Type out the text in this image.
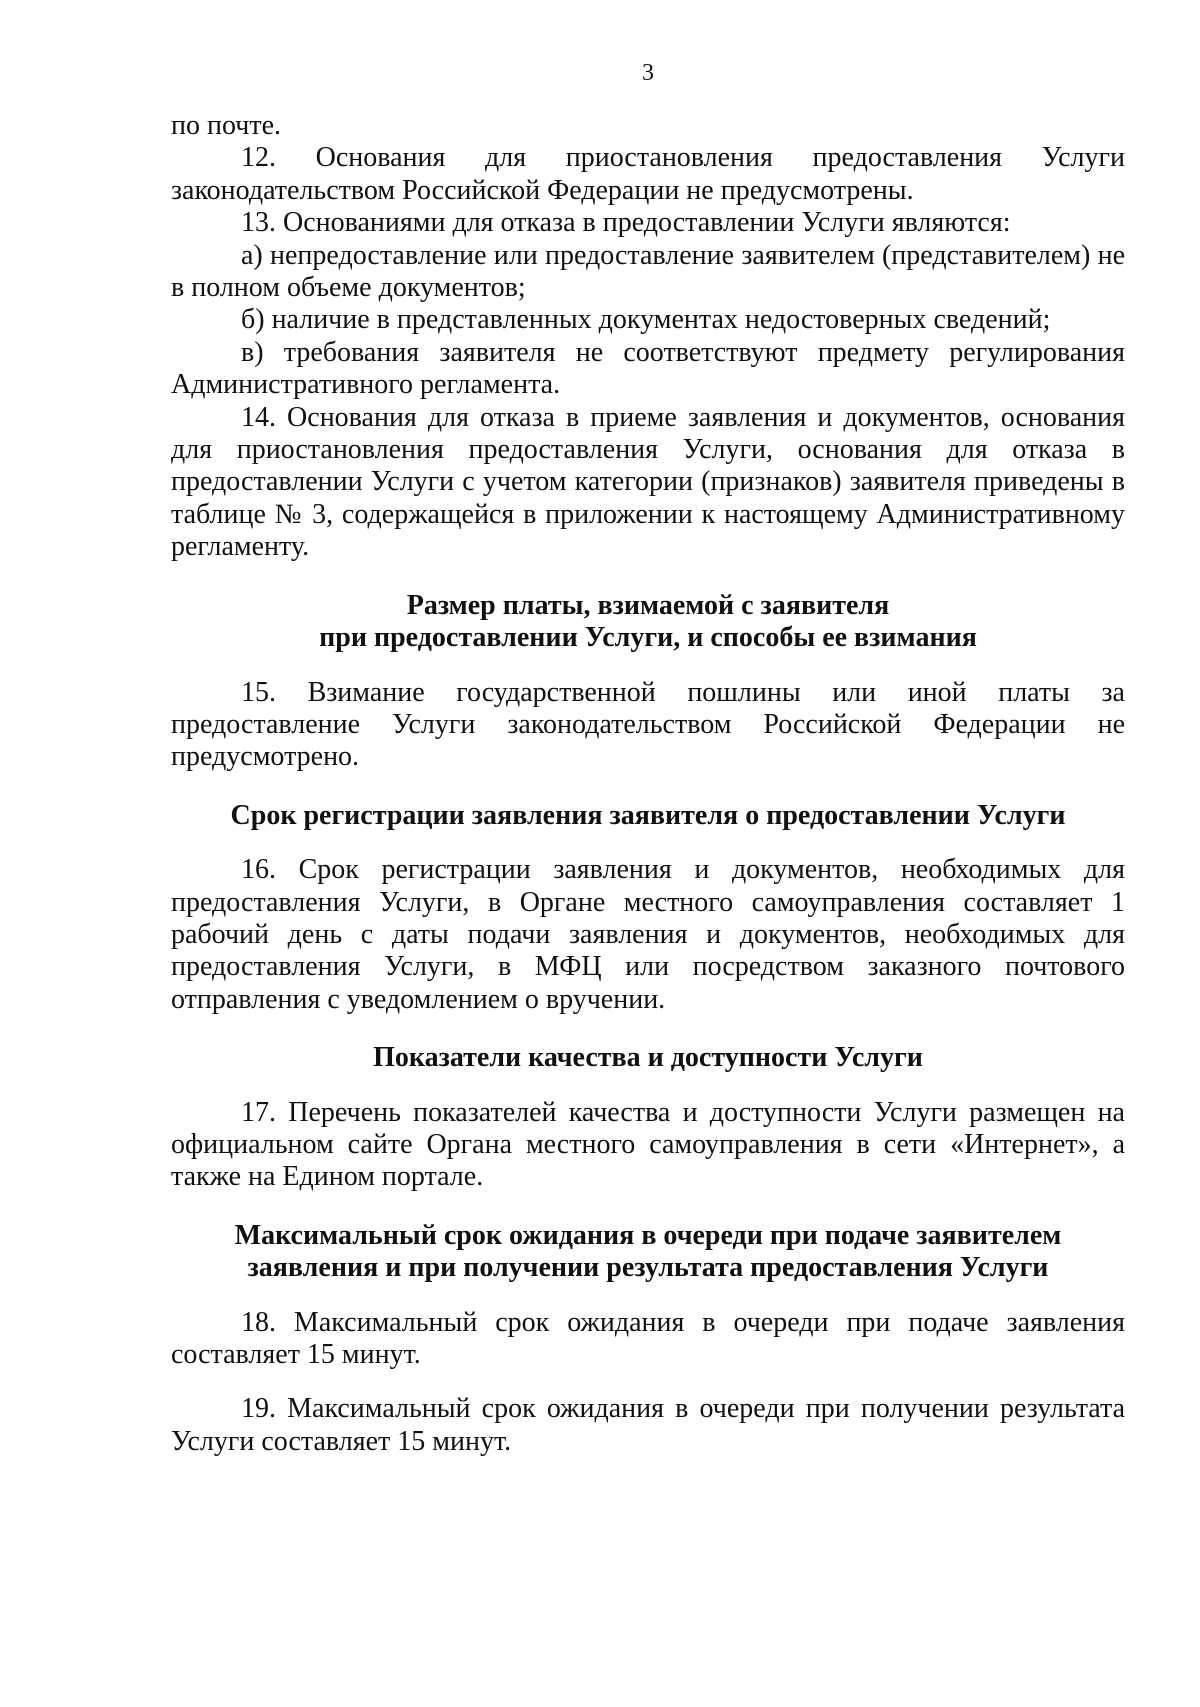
3

по почте.

12. Основания для приостановления предоставления Услуги законодательством Российской Федерации не предусмотрены.

13. Основаниями для отказа в предоставлении Услуги являются:

а) непредоставление или предоставление заявителем (представителем) не в полном объеме документов;

б) наличие в представленных документах недостоверных сведений;

в) требования заявителя не соответствуют предмету регулирования Административного регламента.

14. Основания для отказа в приеме заявления и документов, основания для приостановления предоставления Услуги, основания для отказа в предоставлении Услуги с учетом категории (признаков) заявителя приведены в таблице № 3, содержащейся в приложении к настоящему Административному регламенту.

Размер платы, взимаемой с заявителя

при предоставлении Услуги, и способы ее взимания

15. Взимание государственной пошлины или иной платы за предоставление Услуги законодательством Российской Федерации не предусмотрено.

Срок регистрации заявления заявителя о предоставлении Услуги

16. Срок регистрации заявления и документов, необходимых для предоставления Услуги, в Органе местного самоуправления составляет 1 рабочий день с даты подачи заявления и документов, необходимых для предоставления Услуги, в МФЦ или посредством заказного почтового отправления с уведомлением о вручении.

Показатели качества и доступности Услуги

17. Перечень показателей качества и доступности Услуги размещен на официальном сайте Органа местного самоуправления в сети «Интернет», а также на Едином портале.

Максимальный срок ожидания в очереди при подаче заявителем

заявления и при получении результата предоставления Услуги

18. Максимальный срок ожидания в очереди при подаче заявления составляет 15 минут.

19. Максимальный срок ожидания в очереди при получении результата Услуги составляет 15 минут.
